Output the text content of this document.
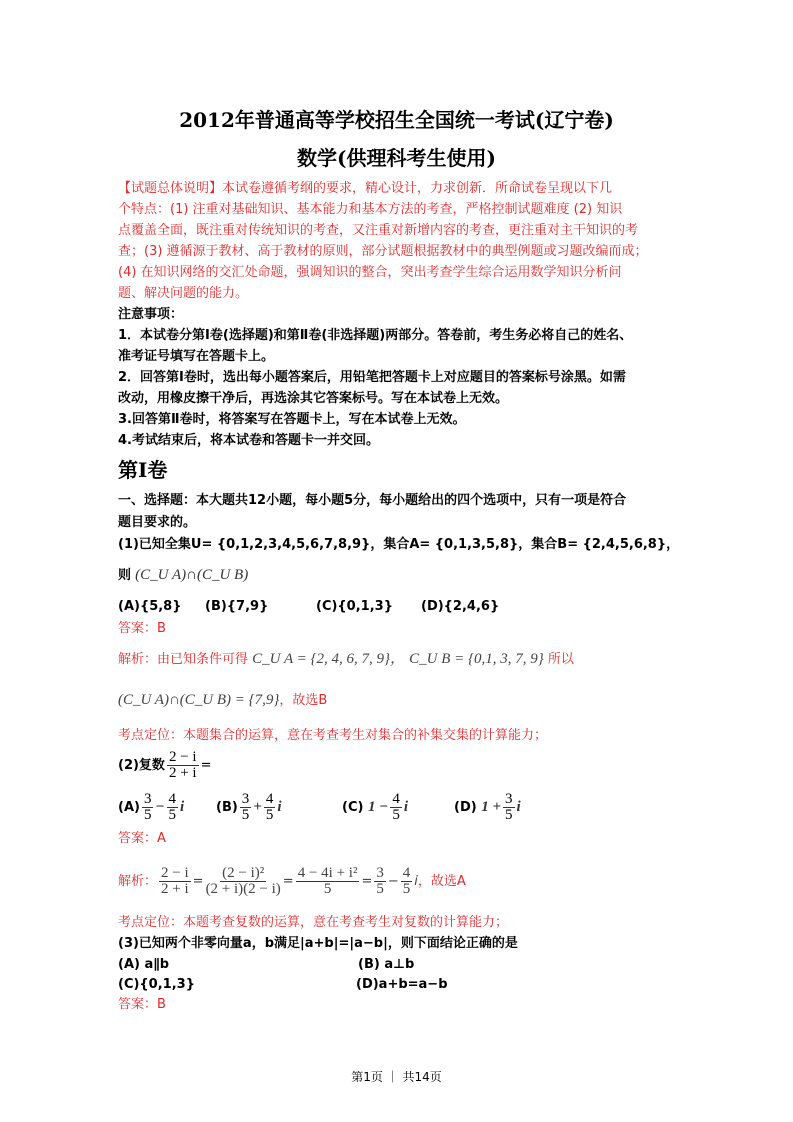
2012年普通高等学校招生全国统一考试(辽宁卷)
数学(供理科考生使用)
【试题总体说明】本试卷遵循考纲的要求，精心设计，力求创新．所命试卷呈现以下几
个特点：(1) 注重对基础知识、基本能力和基本方法的考查，严格控制试题难度 (2) 知识
点覆盖全面，既注重对传统知识的考查，又注重对新增内容的考查，更注重对主干知识的考
查；(3) 遵循源于教材、高于教材的原则，部分试题根据教材中的典型例题或习题改编而成；
(4) 在知识网络的交汇处命题，强调知识的整合，突出考查学生综合运用数学知识分析问
题、解决问题的能力。
注意事项：
1．本试卷分第Ⅰ卷(选择题)和第Ⅱ卷(非选择题)两部分。答卷前，考生务必将自己的姓名、
准考证号填写在答题卡上。
2．回答第Ⅰ卷时，选出每小题答案后，用铅笔把答题卡上对应题目的答案标号涂黑。如需
改动，用橡皮擦干净后，再选涂其它答案标号。写在本试卷上无效。
3.回答第Ⅱ卷时，将答案写在答题卡上，写在本试卷上无效。
4.考试结束后，将本试卷和答题卡一并交回。
第Ⅰ卷
一、选择题：本大题共12小题，每小题5分，每小题给出的四个选项中，只有一项是符合
题目要求的。
(1)已知全集U= {0,1,2,3,4,5,6,7,8,9}，集合A= {0,1,3,5,8}，集合B= {2,4,5,6,8}，
则 (C_U A)∩(C_U B)
(A){5,8}	(B){7,9}	(C){0,1,3}	(D){2,4,6}
答案：B
解析：由已知条件可得 C_U A = {2, 4, 6, 7, 9}， C_U B = {0,1, 3, 7, 9} 所以
(C_U A)∩(C_U B) = {7,9}，故选B
考点定位：本题集合的运算，意在考查考生对集合的补集交集的计算能力；
(2)复数 $\frac{2 - i}{2 + i}$ =
$(A) \frac{3}{5} - \frac{4}{5}$ i	$(B) \frac{3}{5} + \frac{4}{5}$ i	(C) $1 - \frac{4}{5}$ i	(D) $1 + \frac{3}{5}$ i
答案：A
解析：
2 − i
2 + i =
(2 − i)²
(2 + i)(2 − i) =
4 − 4i + i²
5 =
3
5 −
4
5 i ，故选A
考点定位：本题考查复数的运算，意在考查考生对复数的计算能力；
(3)已知两个非零向量a，b满足|a+b|=|a−b|，则下面结论正确的是
(A) a∥b	(B) a⊥b
(C){0,1,3}	(D)a+b=a−b
答案：B
第1页 ｜ 共14页
